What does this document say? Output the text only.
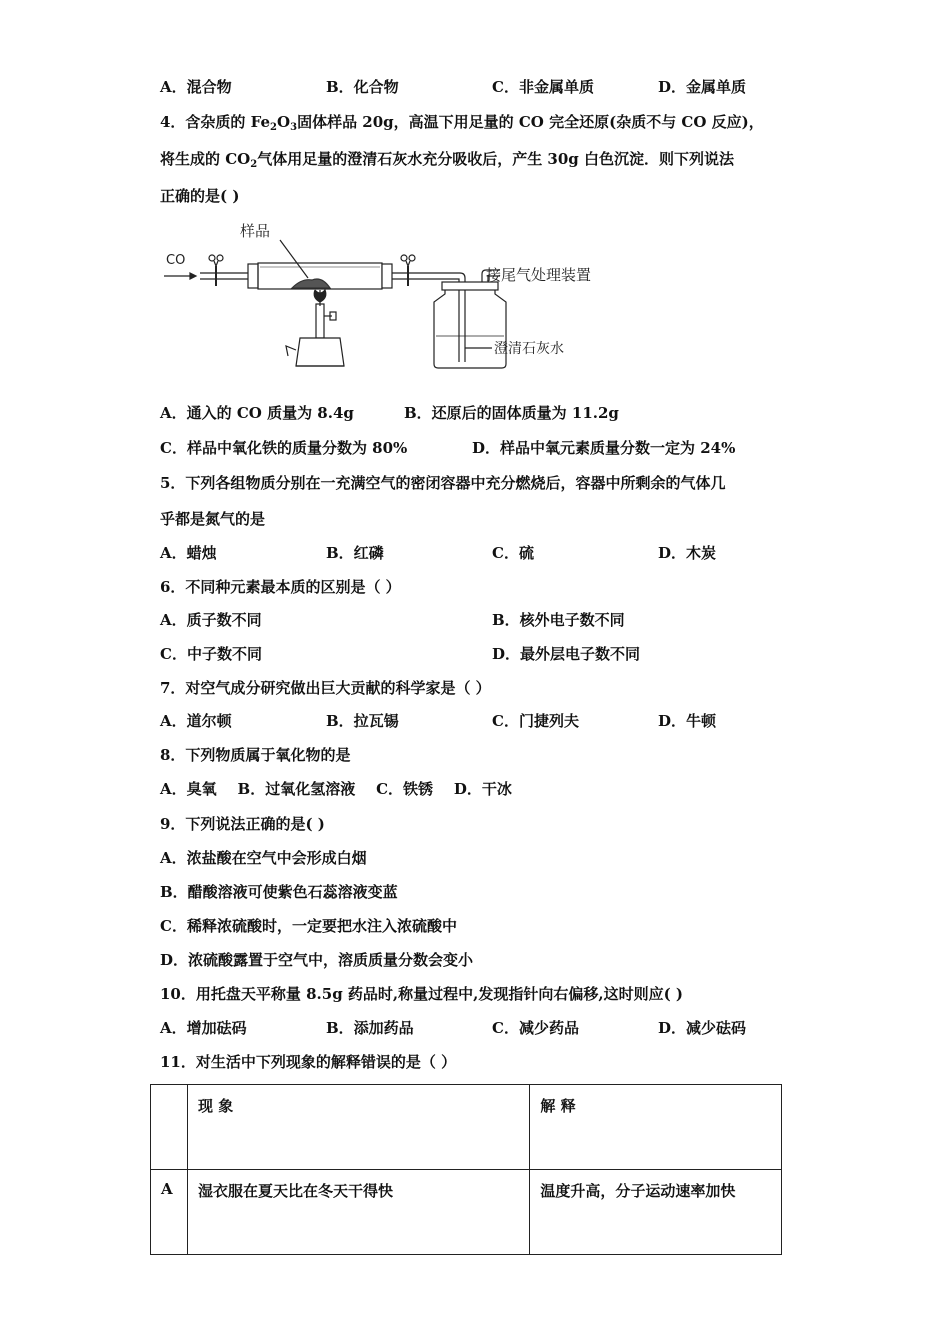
A．混合物	B．化合物	C．非金属单质	D．金属单质
4．含杂质的 $Fe_2O_3$固体样品 20g，高温下用足量的 CO 完全还原(杂质不与 CO 反应)，
将生成的 $CO_2$气体用足量的澄清石灰水充分吸收后，产生 30g 白色沉淀．则下列说法
正确的是( )
CO
样品
接尾气处理装置
澄清石灰水
A．通入的 CO 质量为 8.4g	B．还原后的固体质量为 11.2g
C．样品中氧化铁的质量分数为 80%	D．样品中氧元素质量分数一定为 24%
5．下列各组物质分别在一充满空气的密闭容器中充分燃烧后，容器中所剩余的气体几
乎都是氮气的是
A．蜡烛	B．红磷	C．硫	D．木炭
6．不同种元素最本质的区别是（ ）
A．质子数不同	B．核外电子数不同
C．中子数不同	D．最外层电子数不同
7．对空气成分研究做出巨大贡献的科学家是（ ）
A．道尔顿	B．拉瓦锡	C．门捷列夫	D．牛顿
8．下列物质属于氧化物的是
A．臭氧    B．过氧化氢溶液    C．铁锈    D．干冰
9．下列说法正确的是( )
A．浓盐酸在空气中会形成白烟
B．醋酸溶液可使紫色石蕊溶液变蓝
C．稀释浓硫酸时，一定要把水注入浓硫酸中
D．浓硫酸露置于空气中，溶质质量分数会变小
10．用托盘天平称量 8.5g 药品时,称量过程中,发现指针向右偏移,这时则应( )
A．增加砝码	B．添加药品	C．减少药品	D．减少砝码
11．对生活中下列现象的解释错误的是（ ）
	现 象	解 释
A	湿衣服在夏天比在冬天干得快	温度升高，分子运动速率加快
